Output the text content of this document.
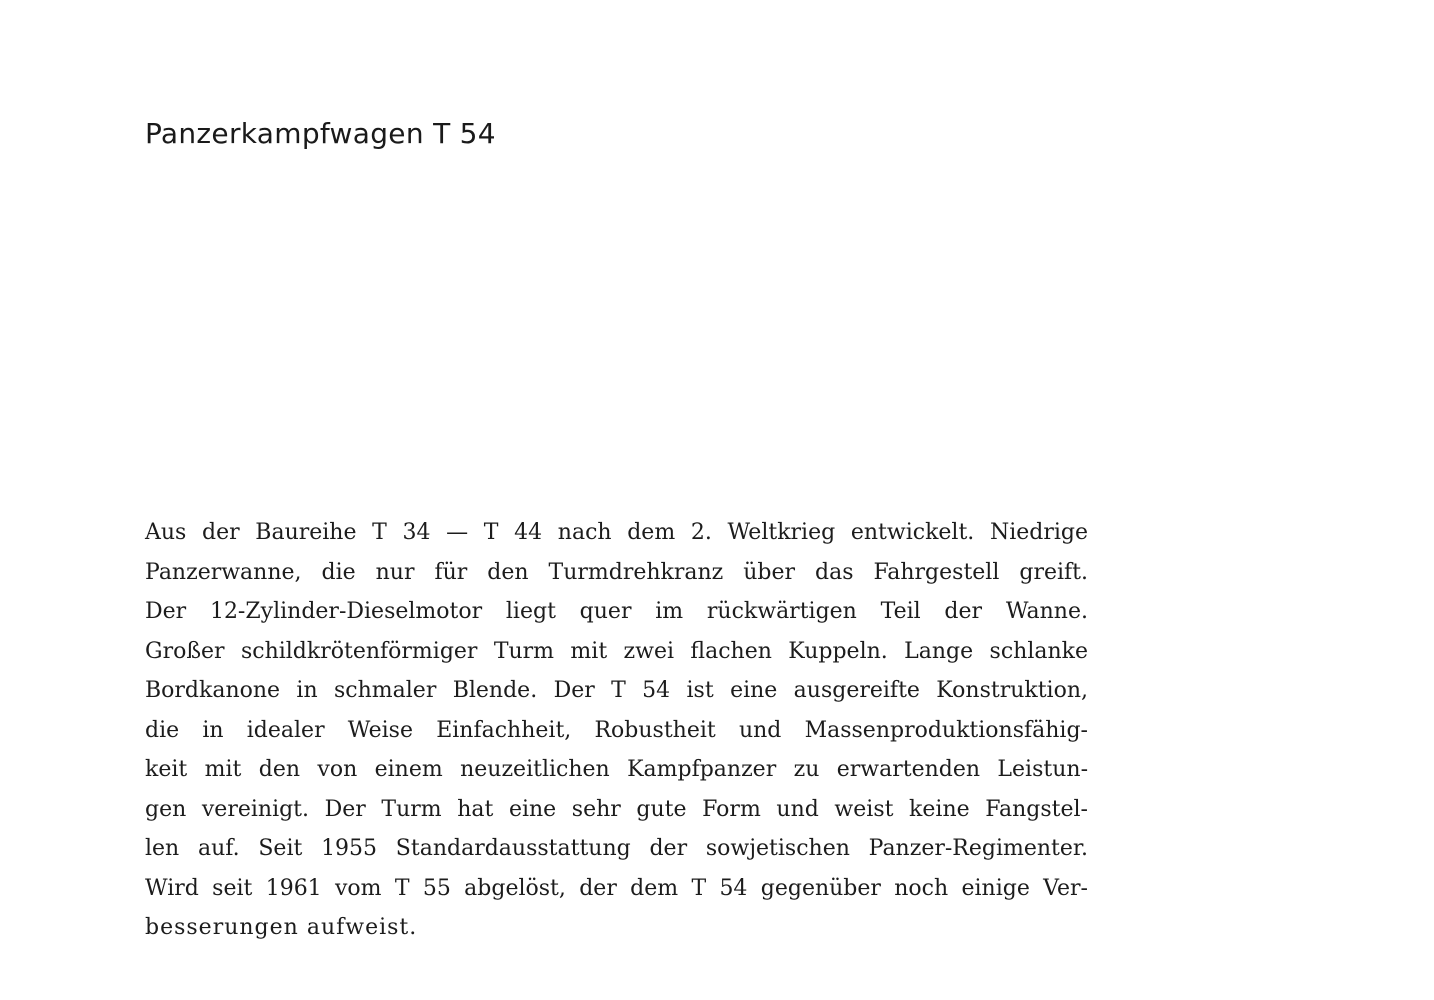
Panzerkampfwagen T 54
Aus der Baureihe T 34 — T 44 nach dem 2. Weltkrieg entwickelt. Niedrige
Panzerwanne, die nur für den Turmdrehkranz über das Fahrgestell greift.
Der 12-Zylinder-Dieselmotor liegt quer im rückwärtigen Teil der Wanne.
Großer schildkrötenförmiger Turm mit zwei flachen Kuppeln. Lange schlanke
Bordkanone in schmaler Blende. Der T 54 ist eine ausgereifte Konstruktion,
die in idealer Weise Einfachheit, Robustheit und Massenproduktionsfähig-
keit mit den von einem neuzeitlichen Kampfpanzer zu erwartenden Leistun-
gen vereinigt. Der Turm hat eine sehr gute Form und weist keine Fangstel-
len auf. Seit 1955 Standardausstattung der sowjetischen Panzer-Regimenter.
Wird seit 1961 vom T 55 abgelöst, der dem T 54 gegenüber noch einige Ver-
besserungen aufweist.
